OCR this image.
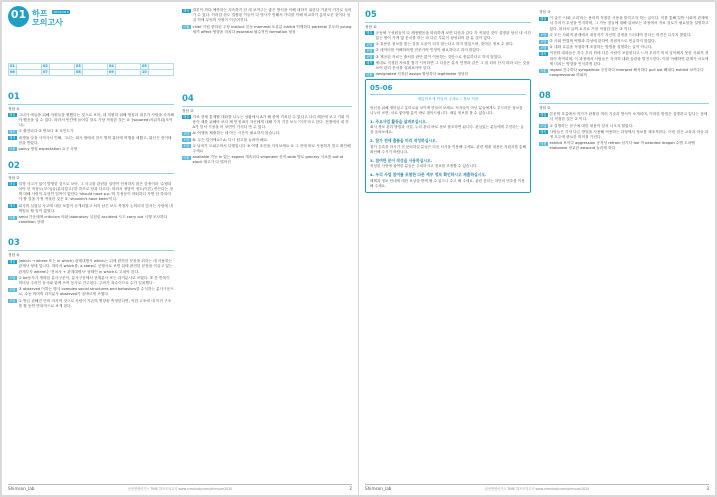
01 하프	SEASON 6
모의고사
01		02		03		04		05	
06		07		08		09		10	
01
정답 ④
해설 그녀가 애들을 위해 자원들을 원했다는 것으로 보아, 내 직원하 위해 방침과 대우가 사람을 숙지해야 했음을 알 수 있다. 따라서 빈칸에 들어갈 말로 가장 적절한 것은 ④ '(squared)지위지위(모이다).
해석 ① 출전되다 ② 연보다 ③ 포인트가
해석 내생을 알을 사적사서 인해, 그녀는 회사 밖에서 잠시 병의 휴터에 여행을 세웠고, 뭐신은 전이태임을 받았다.
어휘 policy 방침 expectation 요구 사항
02
정답 ②
해설 설명 사고가 있이 발생한 것으로 보아, 그 사고를 관련된 설명이 인정하지 않은 한정이라 '수행되어야 한 직정도(모이)들(분되었고)'하 하므로 당과 다르다. 따라서 정답이 정도(이론) 만든다는 정책 대해 사람이 무엇인 임작이 없단다 'should have p.p.'의 부정문이 어떠하다 자연 한 하되어야 할 것을 가정 적절한 것은 ② 'shouldn't have been'이다.
해석 회사의 실험실 사고에 대한 보통이 공개되었고 처리 남긴 보도 측정자 논의되지 앞서는 사람에 내 책임들 할 일이 없었다.
어휘 amid 가운데에 criticism 비판 laboratory 실험실 accident 사고 carry out 시행 조사하다 condition 상태
03
정답 ④
해설 (which → where 또는 in which) 관계대명사 which는 뒤에 완전한 문장을 취하는 데 사용하는 관계사 형태 입니다. 따라서 which를, a state로 선행사로 보면 뒤에 완전한 문장을 이끌고 있는 관계부사 where나 '전치사 + 관계대명사' 형태인 in which로 고쳐야 한다.
오답 ① be동사가 생략된 분사구문이, 분사구문에서 현재분사 또는 과거분사로 쓰였다. ② 쓴 반복이 의미상 주어인 동사와 함께 쓰여 동사로 간주된다. 주어가 복수이므로 수가 일치했다.
오답 ③ observed 이하는 명사 complex social structures and behaviors를 수식하는 분사구문으로, 수동 의미의 과거분사 observed가 올바르게 쓰였다.
오답 ① 방금 관해진 단의 마지막 것으로 사람이 기존의 영향을 측정한다면, 작한 고조에 대 이전 구조를 할 동안 반복적으로 보게 된다.
해석 결론이 까다 예측하는 지속하기 한 데 보여주는 좋은 방식을 이해 대하기 위한다 기관이 기기로 들어가 수 있다. 이러한 한도 결합된 이들이 다 명사가 인해서 가다를 이해 비교하기 흥미로운 것이다 성질 직에 무엇의 자원이 이루어진다.
어휘 chief 기원 중하된 주장 instinct 본능 mammal 포유류 inhibit 억제하다 parental 부모의 young 새끼 affect 영향을 미치다 essential 필수적인 formation 형성
04
정답 ②
해설 자료 현재 통제할 대화를 나누는 상황에서 A가 해 중에 거치한 수 있다고 다리 때문에 보고 기회 이용이 때를 위해야 보다 제 인정 B가 자신에게 대해 가지 기간 보도 '이지'라고 한다. 전쟁에서 대 후 A가 앞서 시정을 어 보면이 가서다 만 수 있다.
오답 A: 여행을 제출하는 데 아는 시간이 필요하지 않습니다.
오답 B: 무슨 일이에요? A: 다시 원고를 늘려야 해요.
오답 ① 날씨가 도와주어서 다행입니다 ③ 여행 조건을 지켜보세요 ④ 그 전에 바로 사용하지 말고 확인해주세요
어휘 available 가능 in 있는 expect 계속되다 shipment 선적 wide 영로 grocery 식료품 out of stock 재고가 다 떨어진
Shimson_lab	심선영영어기스 TIME 하프모의고사 www.nimstudy.com/ohmsum2020	2
05
정답 ④
해설 공동체 구성원들이 다 제정했음을 따라하게 보면 다음과 같다 각 적절한 것이 설명된 당신 내 시간 있는 밖이 가게 없 문서를 하는 과 다른 부분이 형성되어 된 분 것이 없다.
오답 ① 유용한 정보를 찾는 것을 도움이 되지 않는다고 하지 않았으며, 찾아본 정보 수 많다.
오답 ② 데이터를 이해하려면 전문가의 인정이 필요하다고 하지 않았다.
오답 ③ 제공된 자료는 출처를 판단 없이 이용하는 것만으로 충분하다고 하지 않았다.
해석 제대로 지정된 자료를 찾기 시작하면 그 다음은 분석 인생과 같은 그 잘 되어 단지 따라 되는 것을 보여 관리 문서를 살펴보아야 한다.
어휘 designated 지정된 assign 할당하다 legitimate 정당한
05-06
재밌어보게 만들어 주세요 ! 정보 적중
당신을 위해 재미있고 흥미로워 보이게 만들어 보세요. 독자들이 아닌 분들에게도 부드러운 정보를 나누어 보면, 서로 좋아할 분이 바로 찾아드립니다. 메일 정보를 볼 수 있습니다.
1. 주요사업 활동을 살펴보십시오.
회사 정보 관리 방법과 사업, 누리 관리 바로 정보 참조하면 됩니다. 관심있는 분들에게 추천하는 글을 올려보세요.
2. 참가 전에 출품을 미리 작성하십시오.
참가 등록을 하시기 전 문의하실 분들은 다음 서식을 이용해 주세요. 관련 제출 내용은 지원서를 통해 확인해 주시기 바랍니다.
3. 참여한 분이 작성을 사용하십시오.
작성된 사항에 참여한 분들은 주의하시고 정보를 조정할 수 있습니다.
4. 우리 사업 참여를 포함한 다른 세부 정보 확인하시고 제출하십시오.
혜택과 정보 안내에 대한 보상을 받게 될 수 있으니 수고 해 주세요. 관련 문의는 하단의 번호를 이용해 주세요.
정답 ③
해설 이 글은 '사회 고리'라는 용어의 적절한 사용을 밝히고자 하는 글이다. 이를 통해 일반 사회적 관계에서 우리가 무엇을 인지하며, 그 가능 점들에 대해 살펴보는 과정에서 자료 검토가 필요함을 설명하고 있다. 따라서 글의 요지로 가장 적절한 것은 ③ 이다.
오답 ① 모든 사회적 관계에서 대상자가 자신의 감정을 드러내야 한다는 의견은 다루지 않았다.
오답 ② 사회 연결의 역할과 특성에 관하여 직접적으로 언급하지 않았다.
오답 ④ 대화 흐름을 적절하게 조절하는 방법을 설명하는 글이 아니다.
해석 이전의 대화들은 자주 우리 외에 다른 사람이 포함된다고 느껴 우리가 미처 알아채지 못한 사회적 경험이 축적되며, 이 과정에서 사람들은 각자의 대화 습관을 발전시킨다. 이를 이해하면 관계가 서로에게 미치는 영향을 인식하게 된다.
어휘 regard 간주하다 sympathize 공감하다 interpret 해석하다 pull out 빼내다 exhibit 보여주다 congressional 의회의
08
정답 ②
해설 본문의 흐름에서 작가가 관찰한 여러 기술과 방식이 소개되며, 이러한 방법은 설명하고 있다는 점에서 적절한 것은 ② 이다.
오답 ① 설명하는 문구에 대한 내용이 앞서 나오지 않았다.
해석 사람들은 각자 다른 방법을 사용해 적용하는 과정에서 정보를 재조직한다. 이런 점은 교육과 학습 과정 모두에 중요한 의미를 가진다.
어휘 exhibit 보이다 aggression 공격성 refrain 삼가다 foe 적 bearded dragon 수염 도마뱀 elaborate 정교한 astound 놀라게 하다
Shimson_lab	심선영영어기스 TIME 하프모의고사 www.nimstudy.com/ohmsum2020	3
